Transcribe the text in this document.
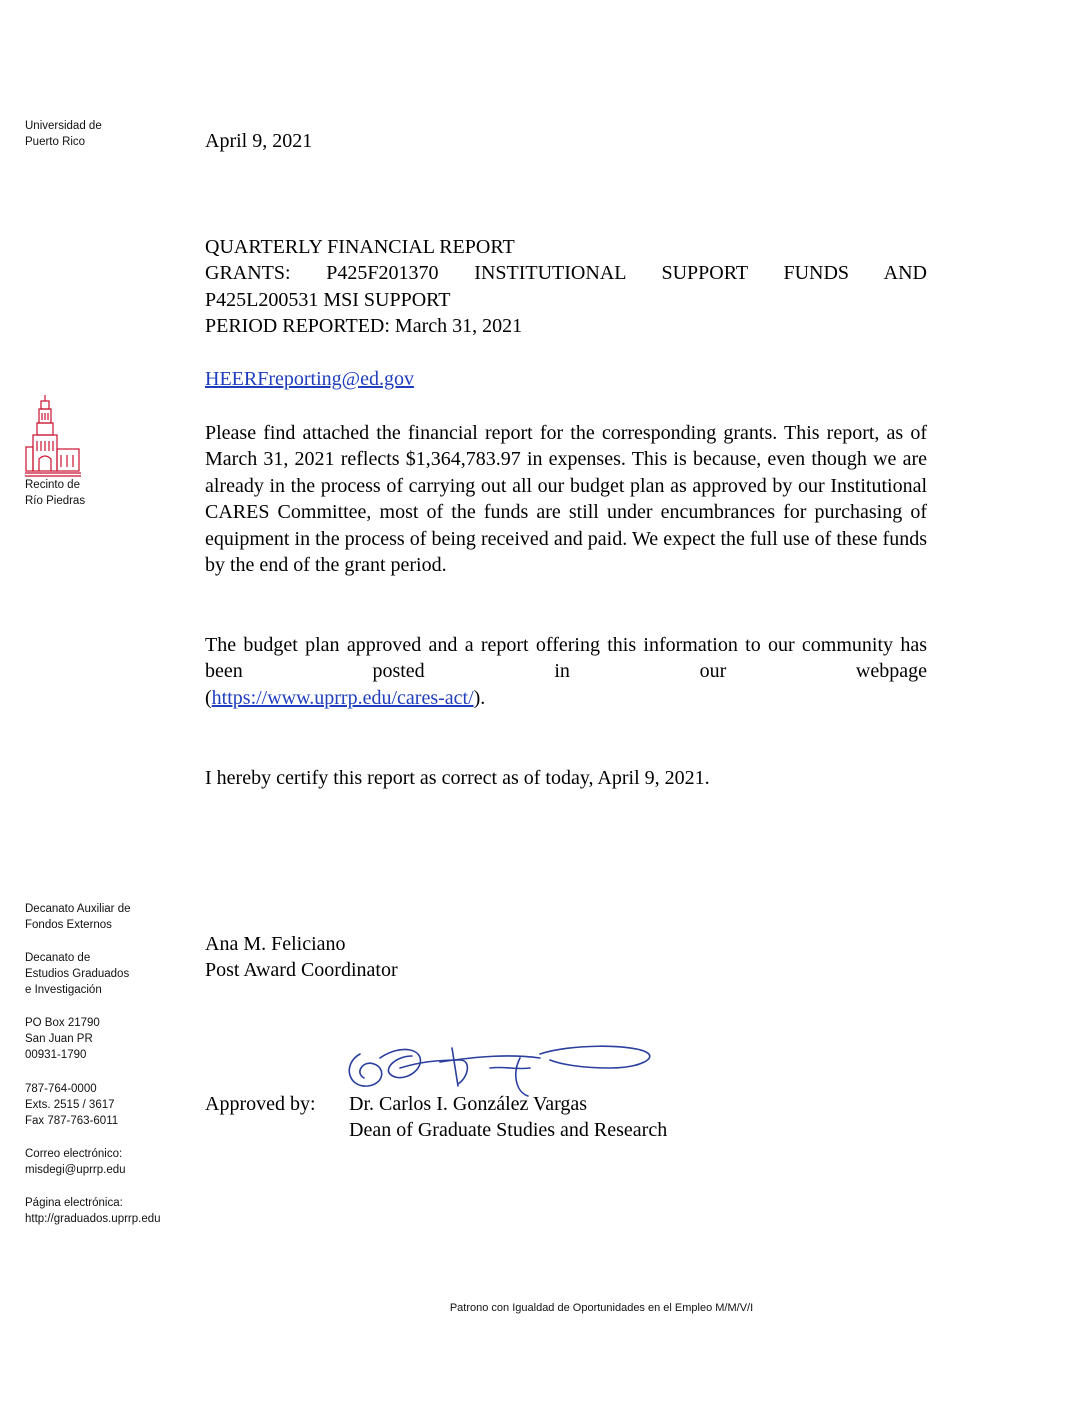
Universidad de

Puerto Rico

Recinto de

Río Piedras

Decanato Auxiliar de

Fondos Externos

Decanato de

Estudios Graduados

e Investigación

PO Box 21790

San Juan PR

00931-1790

787-764-0000

Exts. 2515 / 3617

Fax 787-763-6011

Correo electrónico:

misdegi@uprrp.edu

Página electrónica:

http://graduados.uprrp.edu

April 9, 2021

QUARTERLY FINANCIAL REPORT

GRANTS: P425F201370 INSTITUTIONAL SUPPORT FUNDS AND

P425L200531 MSI SUPPORT

PERIOD REPORTED: March 31, 2021

HEERFreporting@ed.gov

Please find attached the financial report for the corresponding grants. This report, as of March 31, 2021 reflects $1,364,783.97 in expenses. This is because, even though we are already in the process of carrying out all our budget plan as approved by our Institutional CARES Committee, most of the funds are still under encumbrances for purchasing of equipment in the process of being received and paid. We expect the full use of these funds by the end of the grant period.

The budget plan approved and a report offering this information to our community has been posted in our webpage

(https://www.uprrp.edu/cares-act/).

I hereby certify this report as correct as of today, April 9, 2021.

Ana M. Feliciano

Post Award Coordinator

Approved by: Dr. Carlos I. González Vargas

Dean of Graduate Studies and Research

Patrono con Igualdad de Oportunidades en el Empleo M/M/V/I
